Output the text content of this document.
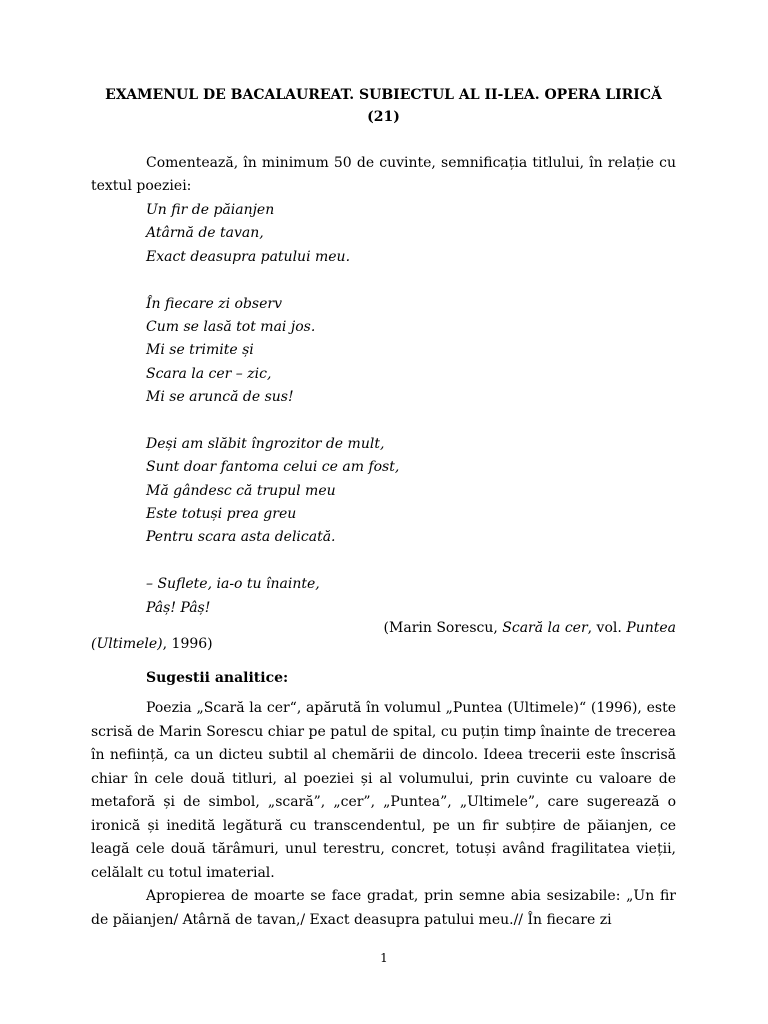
EXAMENUL DE BACALAUREAT. SUBIECTUL AL II-LEA. OPERA LIRICĂ
(21)
Comentează, în minimum 50 de cuvinte, semnificația titlului, în relație cu textul poeziei:
Un fir de păianjen
Atârnă de tavan,
Exact deasupra patului meu.
În fiecare zi observ
Cum se lasă tot mai jos.
Mi se trimite și
Scara la cer – zic,
Mi se aruncă de sus!
Deși am slăbit îngrozitor de mult,
Sunt doar fantoma celui ce am fost,
Mă gândesc că trupul meu
Este totuși prea greu
Pentru scara asta delicată.
– Suflete, ia-o tu înainte,
Pâș! Pâș!
(Marin Sorescu, Scară la cer, vol. Puntea
(Ultimele), 1996)
Sugestii analitice:

Poezia „Scară la cer“, apărută în volumul „Puntea (Ultimele)“ (1996), este scrisă de Marin Sorescu chiar pe patul de spital, cu puțin timp înainte de trecerea în neființă, ca un dicteu subtil al chemării de dincolo. Ideea trecerii este înscrisă chiar în cele două titluri, al poeziei și al volumului, prin cuvinte cu valoare de metaforă și de simbol, „scară”, „cer”, „Puntea”, „Ultimele”, care sugerează o ironică și inedită legătură cu transcendentul, pe un fir subțire de păianjen, ce leagă cele două tărâmuri, unul terestru, concret, totuși având fragilitatea vieții, celălalt cu totul imaterial.

Apropierea de moarte se face gradat, prin semne abia sesizabile: „Un fir de păianjen/ Atârnă de tavan,/ Exact deasupra patului meu.// În fiecare zi

1
